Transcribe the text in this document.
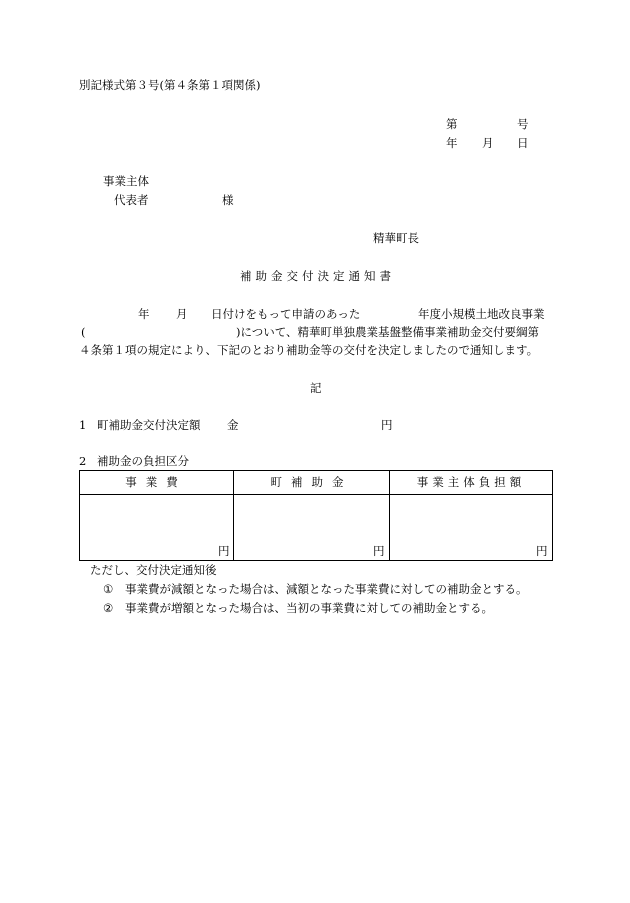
別記様式第３号(第４条第１項関係)
第	号
年 月 日
事業主体
代表者	様
精華町長
補助金交付決定通知書
年 月 日付けをもって申請のあった	年度小規模土地改良事業
(	)について、精華町単独農業基盤整備事業補助金交付要綱第
４条第１項の規定により、下記のとおり補助金等の交付を決定しましたので通知します。
記
1 町補助金交付決定額 金	円
2 補助金の負担区分
事業費	町補助金	事業主体負担額
円	円	円
ただし、交付決定通知後
① 事業費が減額となった場合は、減額となった事業費に対しての補助金とする。
② 事業費が増額となった場合は、当初の事業費に対しての補助金とする。
